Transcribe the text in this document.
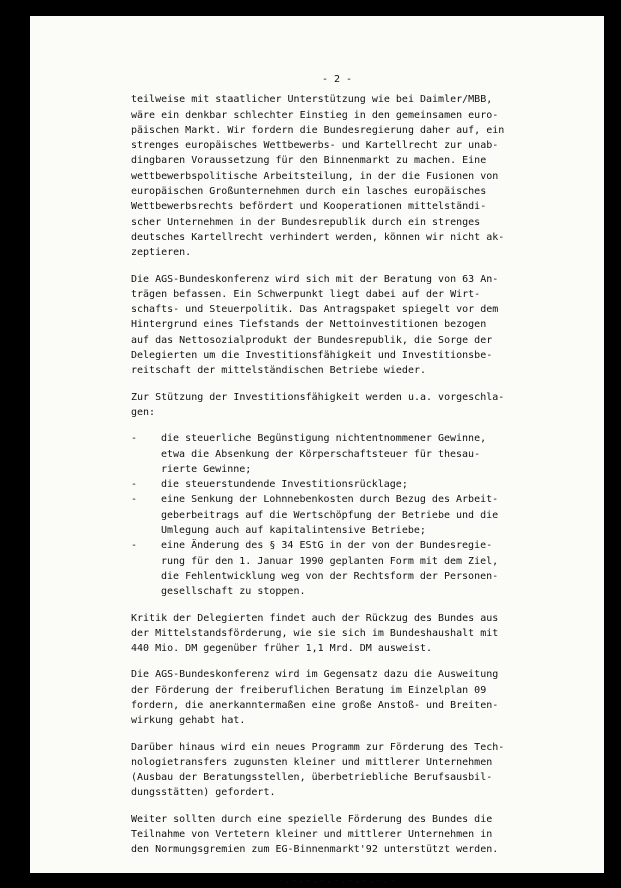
- 2 -
teilweise mit staatlicher Unterstützung wie bei Daimler/MBB,
wäre ein denkbar schlechter Einstieg in den gemeinsamen euro-
päischen Markt. Wir fordern die Bundesregierung daher auf, ein
strenges europäisches Wettbewerbs- und Kartellrecht zur unab-
dingbaren Voraussetzung für den Binnenmarkt zu machen. Eine
wettbewerbspolitische Arbeitsteilung, in der die Fusionen von
europäischen Großunternehmen durch ein lasches europäisches
Wettbewerbsrechts befördert und Kooperationen mittelständi-
scher Unternehmen in der Bundesrepublik durch ein strenges
deutsches Kartellrecht verhindert werden, können wir nicht ak-
zeptieren.
Die AGS-Bundeskonferenz wird sich mit der Beratung von 63 An-
trägen befassen. Ein Schwerpunkt liegt dabei auf der Wirt-
schafts- und Steuerpolitik. Das Antragspaket spiegelt vor dem
Hintergrund eines Tiefstands der Nettoinvestitionen bezogen
auf das Nettosozialprodukt der Bundesrepublik, die Sorge der
Delegierten um die Investitionsfähigkeit und Investitionsbe-
reitschaft der mittelständischen Betriebe wieder.
Zur Stützung der Investitionsfähigkeit werden u.a. vorgeschla-
gen:
- die steuerliche Begünstigung nichtentnommener Gewinne,
etwa die Absenkung der Körperschaftsteuer für thesau-
rierte Gewinne;
- die steuerstundende Investitionsrücklage;
- eine Senkung der Lohnnebenkosten durch Bezug des Arbeit-
geberbeitrags auf die Wertschöpfung der Betriebe und die
Umlegung auch auf kapitalintensive Betriebe;
- eine Änderung des § 34 EStG in der von der Bundesregie-
rung für den 1. Januar 1990 geplanten Form mit dem Ziel,
die Fehlentwicklung weg von der Rechtsform der Personen-
gesellschaft zu stoppen.
Kritik der Delegierten findet auch der Rückzug des Bundes aus
der Mittelstandsförderung, wie sie sich im Bundeshaushalt mit
440 Mio. DM gegenüber früher 1,1 Mrd. DM ausweist.
Die AGS-Bundeskonferenz wird im Gegensatz dazu die Ausweitung
der Förderung der freiberuflichen Beratung im Einzelplan 09
fordern, die anerkanntermaßen eine große Anstoß- und Breiten-
wirkung gehabt hat.
Darüber hinaus wird ein neues Programm zur Förderung des Tech-
nologietransfers zugunsten kleiner und mittlerer Unternehmen
(Ausbau der Beratungsstellen, überbetriebliche Berufsausbil-
dungsstätten) gefordert.
Weiter sollten durch eine spezielle Förderung des Bundes die
Teilnahme von Vertetern kleiner und mittlerer Unternehmen in
den Normungsgremien zum EG-Binnenmarkt'92 unterstützt werden.
-.-.-.-.-.-.-.-.-
